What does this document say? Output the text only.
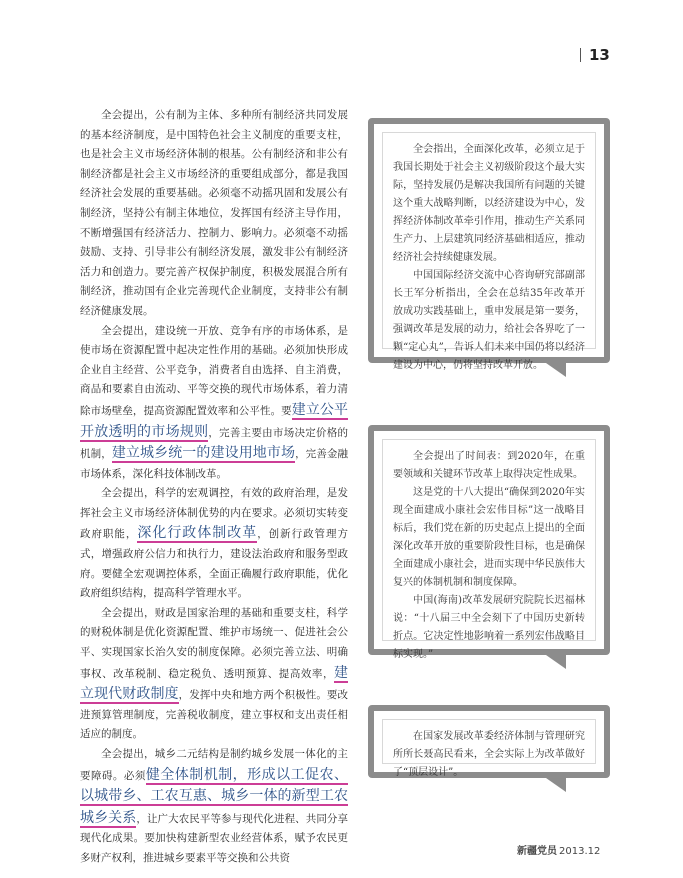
13

全会提出，公有制为主体、多种所有制经济共同发展的基本经济制度，是中国特色社会主义制度的重要支柱，也是社会主义市场经济体制的根基。公有制经济和非公有制经济都是社会主义市场经济的重要组成部分，都是我国经济社会发展的重要基础。必须毫不动摇巩固和发展公有制经济，坚持公有制主体地位，发挥国有经济主导作用，不断增强国有经济活力、控制力、影响力。必须毫不动摇鼓励、支持、引导非公有制经济发展，激发非公有制经济活力和创造力。要完善产权保护制度，积极发展混合所有制经济，推动国有企业完善现代企业制度，支持非公有制经济健康发展。

全会提出，建设统一开放、竞争有序的市场体系，是使市场在资源配置中起决定性作用的基础。必须加快形成企业自主经营、公平竞争，消费者自由选择、自主消费，商品和要素自由流动、平等交换的现代市场体系，着力清除市场壁垒，提高资源配置效率和公平性。要建立公平开放透明的市场规则，完善主要由市场决定价格的机制，建立城乡统一的建设用地市场，完善金融市场体系，深化科技体制改革。

全会提出，科学的宏观调控，有效的政府治理，是发挥社会主义市场经济体制优势的内在要求。必须切实转变政府职能，深化行政体制改革，创新行政管理方式，增强政府公信力和执行力，建设法治政府和服务型政府。要健全宏观调控体系，全面正确履行政府职能，优化政府组织结构，提高科学管理水平。

全会提出，财政是国家治理的基础和重要支柱，科学的财税体制是优化资源配置、维护市场统一、促进社会公平、实现国家长治久安的制度保障。必须完善立法、明确事权、改革税制、稳定税负、透明预算、提高效率，建立现代财政制度，发挥中央和地方两个积极性。要改进预算管理制度，完善税收制度，建立事权和支出责任相适应的制度。

全会提出，城乡二元结构是制约城乡发展一体化的主要障碍。必须健全体制机制，形成以工促农、以城带乡、工农互惠、城乡一体的新型工农城乡关系，让广大农民平等参与现代化进程、共同分享现代化成果。要加快构建新型农业经营体系，赋予农民更多财产权利，推进城乡要素平等交换和公共资

全会指出，全面深化改革，必须立足于我国长期处于社会主义初级阶段这个最大实际，坚持发展仍是解决我国所有问题的关键这个重大战略判断，以经济建设为中心，发挥经济体制改革牵引作用，推动生产关系同生产力、上层建筑同经济基础相适应，推动经济社会持续健康发展。

中国国际经济交流中心咨询研究部副部长王军分析指出，全会在总结35年改革开放成功实践基础上，重申发展是第一要务，强调改革是发展的动力，给社会各界吃了一颗“定心丸”，告诉人们未来中国仍将以经济建设为中心，仍将坚持改革开放。

全会提出了时间表：到2020年，在重要领域和关键环节改革上取得决定性成果。

这是党的十八大提出“确保到2020年实现全面建成小康社会宏伟目标”这一战略目标后，我们党在新的历史起点上提出的全面深化改革开放的重要阶段性目标，也是确保全面建成小康社会，进而实现中华民族伟大复兴的体制机制和制度保障。

中国(海南)改革发展研究院院长迟福林说：“十八届三中全会刻下了中国历史新转折点。它决定性地影响着一系列宏伟战略目标实现。”

在国家发展改革委经济体制与管理研究所所长聂高民看来，全会实际上为改革做好了“顶层设计”。

新疆党员 2013.12
